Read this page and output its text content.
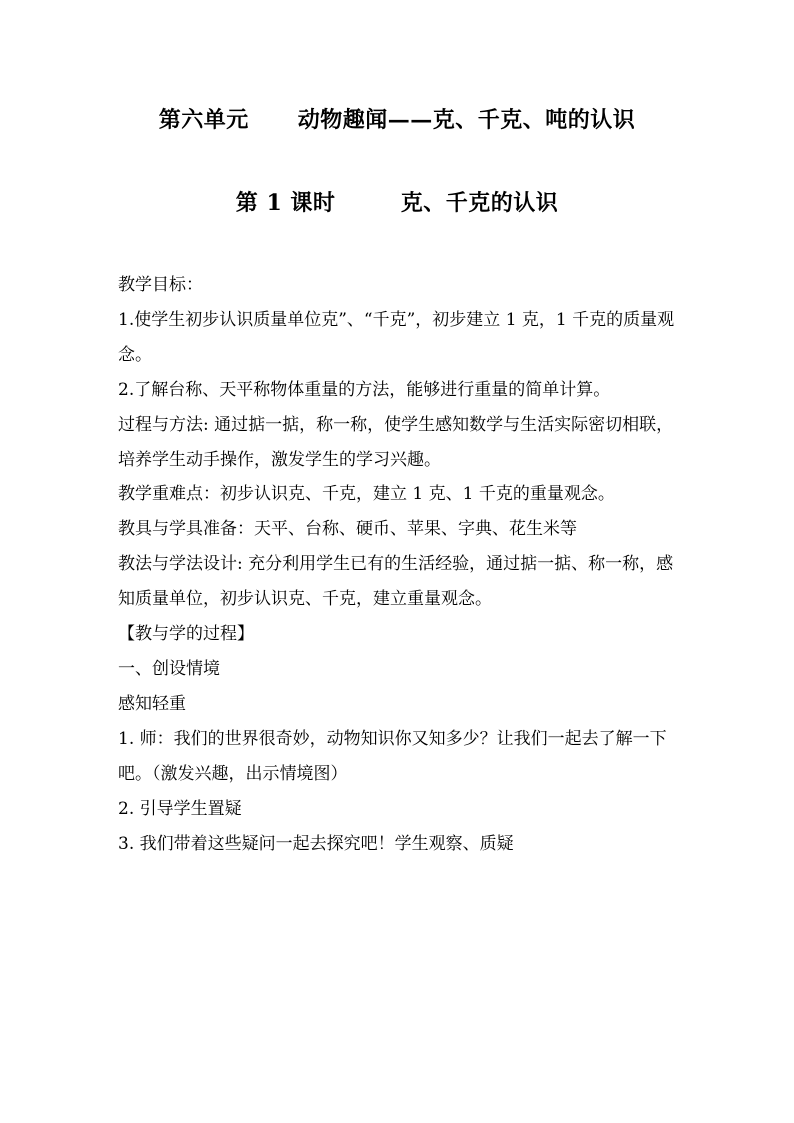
第六单元      动物趣闻——克、千克、吨的认识
第 1 课时        克、千克的认识

教学目标：

1.使学生初步认识质量单位克”、“千克”，初步建立 1 克，1 千克的质量观念。

2.了解台称、天平称物体重量的方法，能够进行重量的简单计算。

过程与方法: 通过掂一掂，称一称，使学生感知数学与生活实际密切相联，培养学生动手操作，激发学生的学习兴趣。

教学重难点：初步认识克、千克，建立 1 克、1 千克的重量观念。

教具与学具准备：天平、台称、硬币、苹果、字典、花生米等

教法与学法设计: 充分利用学生已有的生活经验，通过掂一掂、称一称，感知质量单位，初步认识克、千克，建立重量观念。

【教与学的过程】

一、创设情境

感知轻重

1. 师：我们的世界很奇妙，动物知识你又知多少？让我们一起去了解一下吧。（激发兴趣，出示情境图）

2. 引导学生置疑

3. 我们带着这些疑问一起去探究吧！学生观察、质疑
